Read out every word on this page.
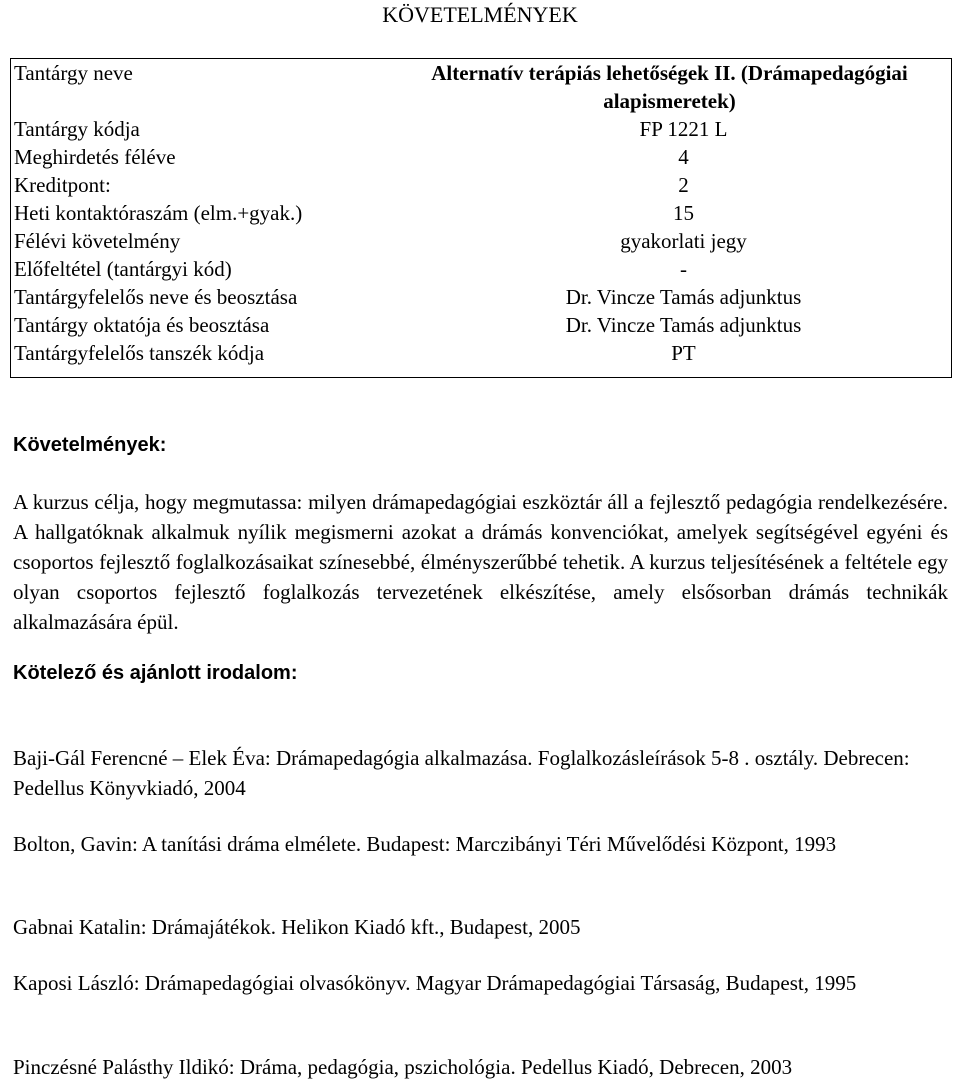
KÖVETELMÉNYEK
Tantárgy neve	Alternatív terápiás lehetőségek II. (Drámapedagógiai alapismeretek)
Tantárgy kódja	FP 1221 L
Meghirdetés féléve	4
Kreditpont:	2
Heti kontaktóraszám (elm.+gyak.)	15
Félévi követelmény	gyakorlati jegy
Előfeltétel (tantárgyi kód)	-
Tantárgyfelelős neve és beosztása	Dr. Vincze Tamás adjunktus
Tantárgy oktatója és beosztása	Dr. Vincze Tamás adjunktus
Tantárgyfelelős tanszék kódja	PT
Követelmények:
A kurzus célja, hogy megmutassa: milyen drámapedagógiai eszköztár áll a fejlesztő pedagógia rendelkezésére. A hallgatóknak alkalmuk nyílik megismerni azokat a drámás konvenciókat, amelyek segítségével egyéni és csoportos fejlesztő foglalkozásaikat színesebbé, élményszerűbbé tehetik. A kurzus teljesítésének a feltétele egy olyan csoportos fejlesztő foglalkozás tervezetének elkészítése, amely elsősorban drámás technikák alkalmazására épül.
Kötelező és ajánlott irodalom:
Baji-Gál Ferencné – Elek Éva: Drámapedagógia alkalmazása. Foglalkozásleírások 5-8 . osztály. Debrecen: Pedellus Könyvkiadó, 2004
Bolton, Gavin: A tanítási dráma elmélete. Budapest: Marczibányi Téri Művelődési Központ, 1993
Gabnai Katalin: Drámajátékok. Helikon Kiadó kft., Budapest, 2005
Kaposi László: Drámapedagógiai olvasókönyv. Magyar Drámapedagógiai Társaság, Budapest, 1995
Pinczésné Palásthy Ildikó: Dráma, pedagógia, pszichológia. Pedellus Kiadó, Debrecen, 2003
